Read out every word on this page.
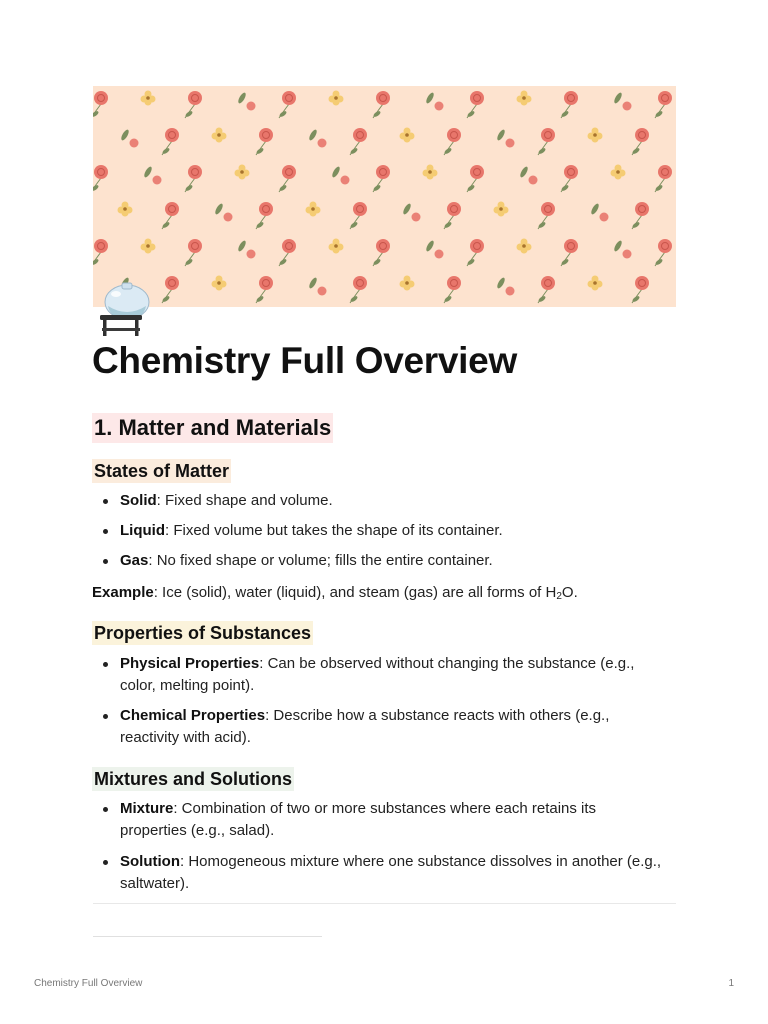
Chemistry Full Overview
1. Matter and Materials
States of Matter
Solid: Fixed shape and volume.
Liquid: Fixed volume but takes the shape of its container.
Gas: No fixed shape or volume; fills the entire container.

Example: Ice (solid), water (liquid), and steam (gas) are all forms of $H_2O$.

Properties of Substances
Physical Properties: Can be observed without changing the substance (e.g., color, melting point).
Chemical Properties: Describe how a substance reacts with others (e.g., reactivity with acid).
Mixtures and Solutions
Mixture: Combination of two or more substances where each retains its properties (e.g., salad).
Solution: Homogeneous mixture where one substance dissolves in another (e.g., saltwater).
Chemistry Full Overview	1
